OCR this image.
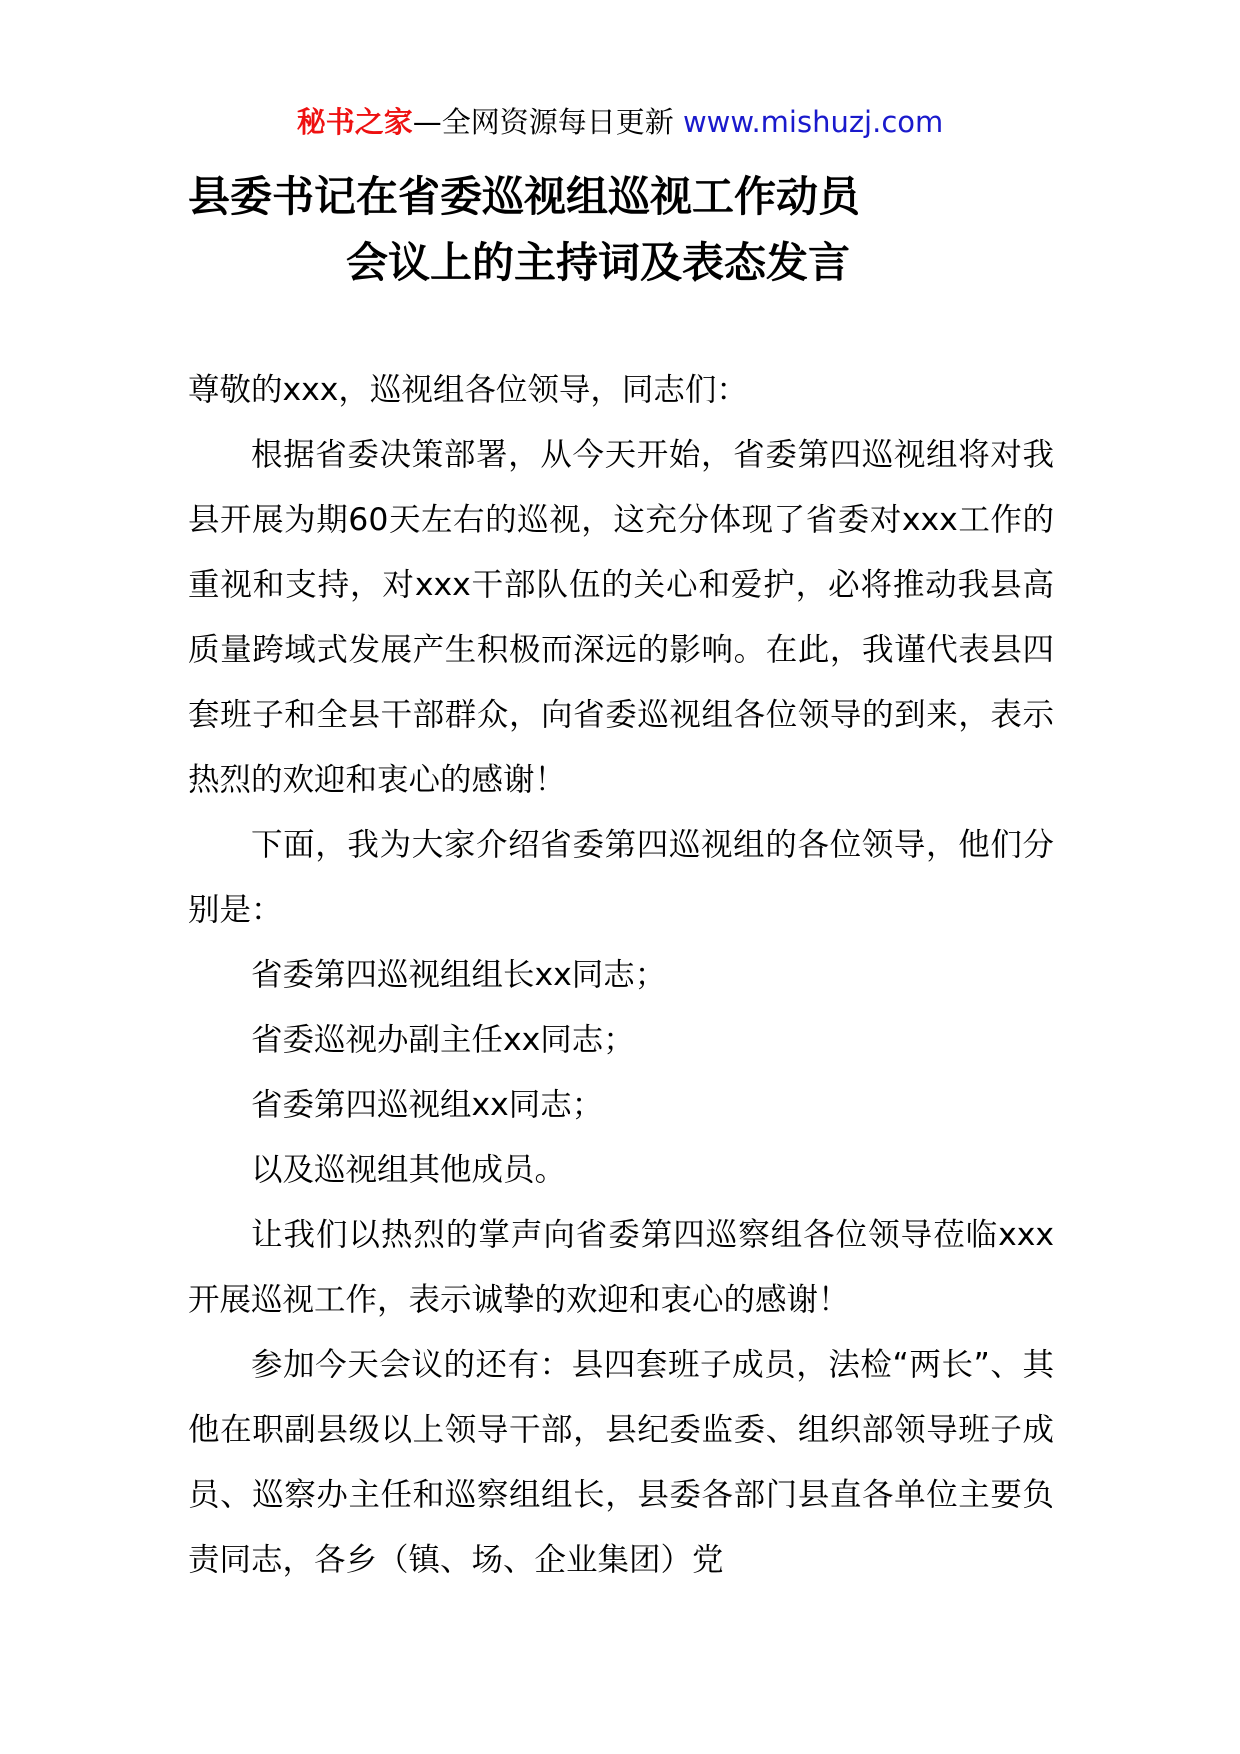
秘书之家—全网资源每日更新 www.mishuzj.com
县委书记在省委巡视组巡视工作动员
会议上的主持词及表态发言

尊敬的xxx，巡视组各位领导，同志们：

根据省委决策部署，从今天开始，省委第四巡视组将对我县开展为期60天左右的巡视，这充分体现了省委对xxx工作的重视和支持，对xxx干部队伍的关心和爱护，必将推动我县高质量跨域式发展产生积极而深远的影响。在此，我谨代表县四套班子和全县干部群众，向省委巡视组各位领导的到来，表示热烈的欢迎和衷心的感谢！

下面，我为大家介绍省委第四巡视组的各位领导，他们分别是：

省委第四巡视组组长xx同志；

省委巡视办副主任xx同志；

省委第四巡视组xx同志；

以及巡视组其他成员。

让我们以热烈的掌声向省委第四巡察组各位领导莅临xxx开展巡视工作，表示诚挚的欢迎和衷心的感谢！

参加今天会议的还有：县四套班子成员，法检“两长”、其他在职副县级以上领导干部，县纪委监委、组织部领导班子成员、巡察办主任和巡察组组长，县委各部门县直各单位主要负责同志，各乡（镇、场、企业集团）党
